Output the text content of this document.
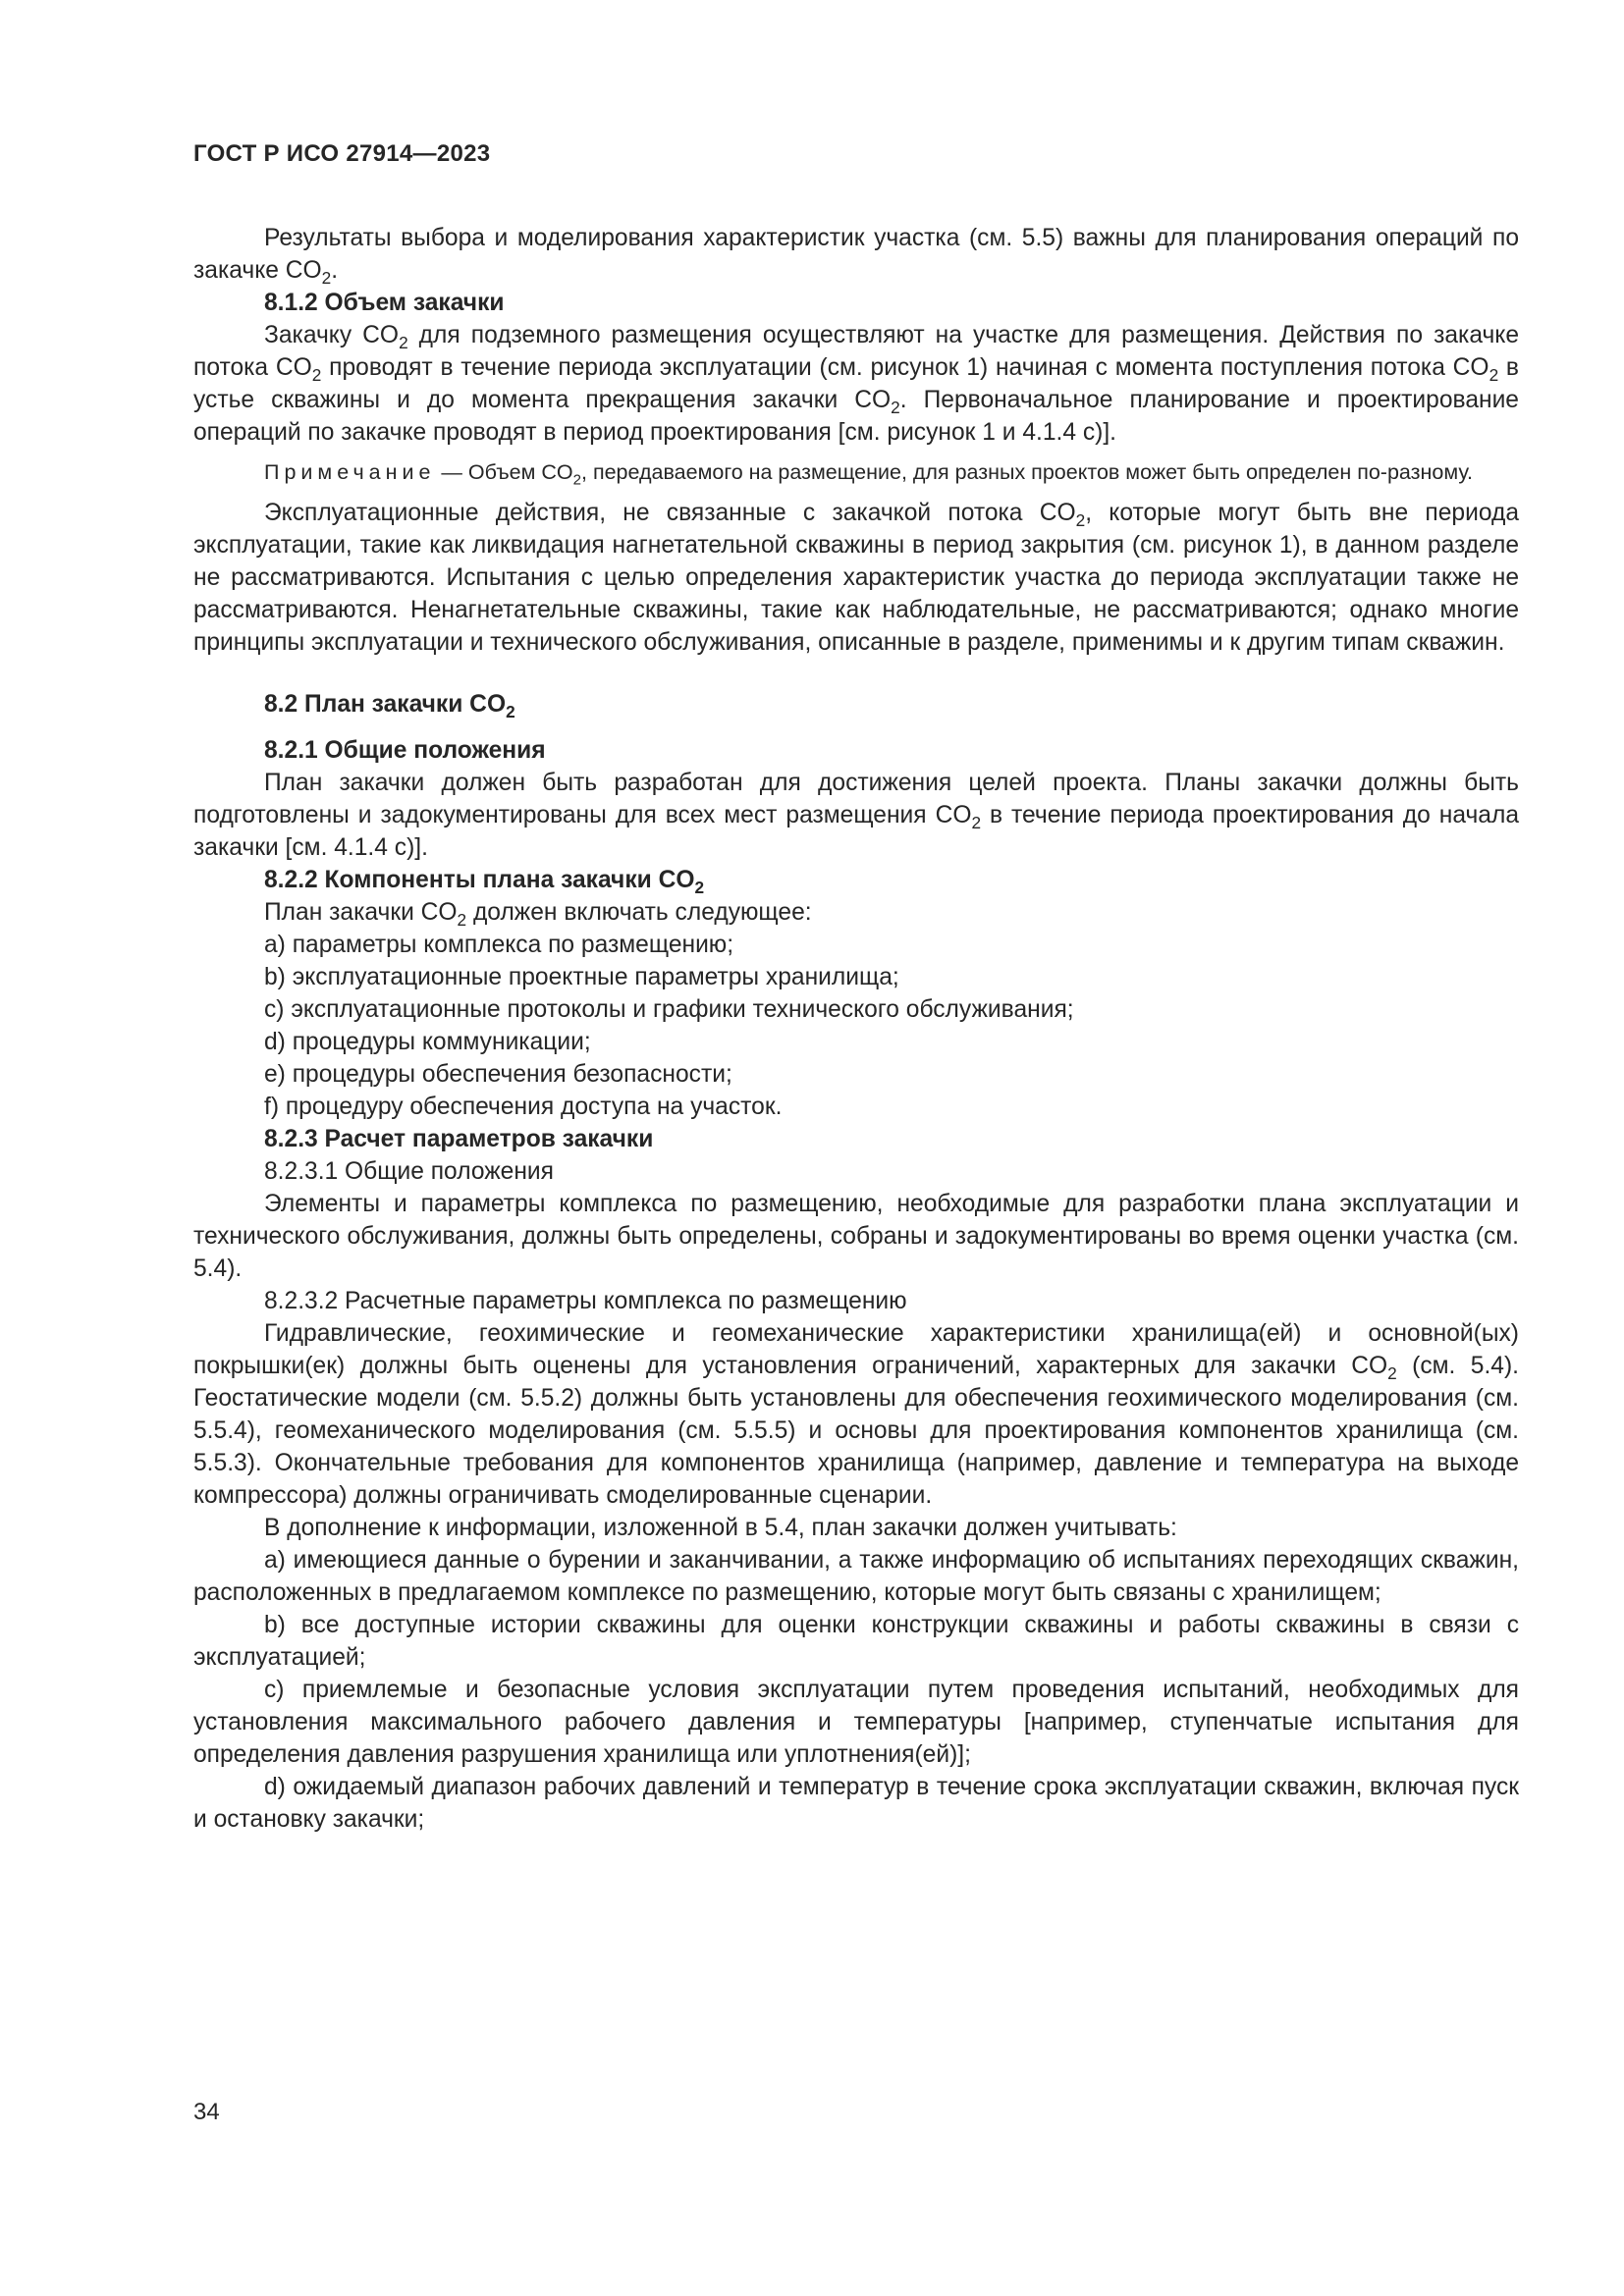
ГОСТ Р ИСО 27914—2023

Результаты выбора и моделирования характеристик участка (см. 5.5) важны для планирования операций по закачке $CO_2$.

8.1.2 Объем закачки

Закачку $CO_2$ для подземного размещения осуществляют на участке для размещения. Действия по закачке потока $CO_2$ проводят в течение периода эксплуатации (см. рисунок 1) начиная с момента поступления потока $CO_2$ в устье скважины и до момента прекращения закачки $CO_2$. Первоначальное планирование и проектирование операций по закачке проводят в период проектирования [см. рисунок 1 и 4.1.4 c)].

Примечание — Объем $CO_2$, передаваемого на размещение, для разных проектов может быть определен по-разному.

Эксплуатационные действия, не связанные с закачкой потока $CO_2$, которые могут быть вне периода эксплуатации, такие как ликвидация нагнетательной скважины в период закрытия (см. рисунок 1), в данном разделе не рассматриваются. Испытания с целью определения характеристик участка до периода эксплуатации также не рассматриваются. Ненагнетательные скважины, такие как наблюдательные, не рассматриваются; однако многие принципы эксплуатации и технического обслуживания, описанные в разделе, применимы и к другим типам скважин.

8.2 План закачки $CO_2$

8.2.1 Общие положения

План закачки должен быть разработан для достижения целей проекта. Планы закачки должны быть подготовлены и задокументированы для всех мест размещения $CO_2$ в течение периода проектирования до начала закачки [см. 4.1.4 c)].

8.2.2 Компоненты плана закачки $CO_2$

План закачки $CO_2$ должен включать следующее:

a) параметры комплекса по размещению;

b) эксплуатационные проектные параметры хранилища;

c) эксплуатационные протоколы и графики технического обслуживания;

d) процедуры коммуникации;

e) процедуры обеспечения безопасности;

f) процедуру обеспечения доступа на участок.

8.2.3 Расчет параметров закачки

8.2.3.1 Общие положения

Элементы и параметры комплекса по размещению, необходимые для разработки плана эксплуатации и технического обслуживания, должны быть определены, собраны и задокументированы во время оценки участка (см. 5.4).

8.2.3.2 Расчетные параметры комплекса по размещению

Гидравлические, геохимические и геомеханические характеристики хранилища(ей) и основной(ых) покрышки(ек) должны быть оценены для установления ограничений, характерных для закачки $CO_2$ (см. 5.4). Геостатические модели (см. 5.5.2) должны быть установлены для обеспечения геохимического моделирования (см. 5.5.4), геомеханического моделирования (см. 5.5.5) и основы для проектирования компонентов хранилища (см. 5.5.3). Окончательные требования для компонентов хранилища (например, давление и температура на выходе компрессора) должны ограничивать смоделированные сценарии.

В дополнение к информации, изложенной в 5.4, план закачки должен учитывать:

a) имеющиеся данные о бурении и заканчивании, а также информацию об испытаниях переходящих скважин, расположенных в предлагаемом комплексе по размещению, которые могут быть связаны с хранилищем;

b) все доступные истории скважины для оценки конструкции скважины и работы скважины в связи с эксплуатацией;

c) приемлемые и безопасные условия эксплуатации путем проведения испытаний, необходимых для установления максимального рабочего давления и температуры [например, ступенчатые испытания для определения давления разрушения хранилища или уплотнения(ей)];

d) ожидаемый диапазон рабочих давлений и температур в течение срока эксплуатации скважин, включая пуск и остановку закачки;

34
